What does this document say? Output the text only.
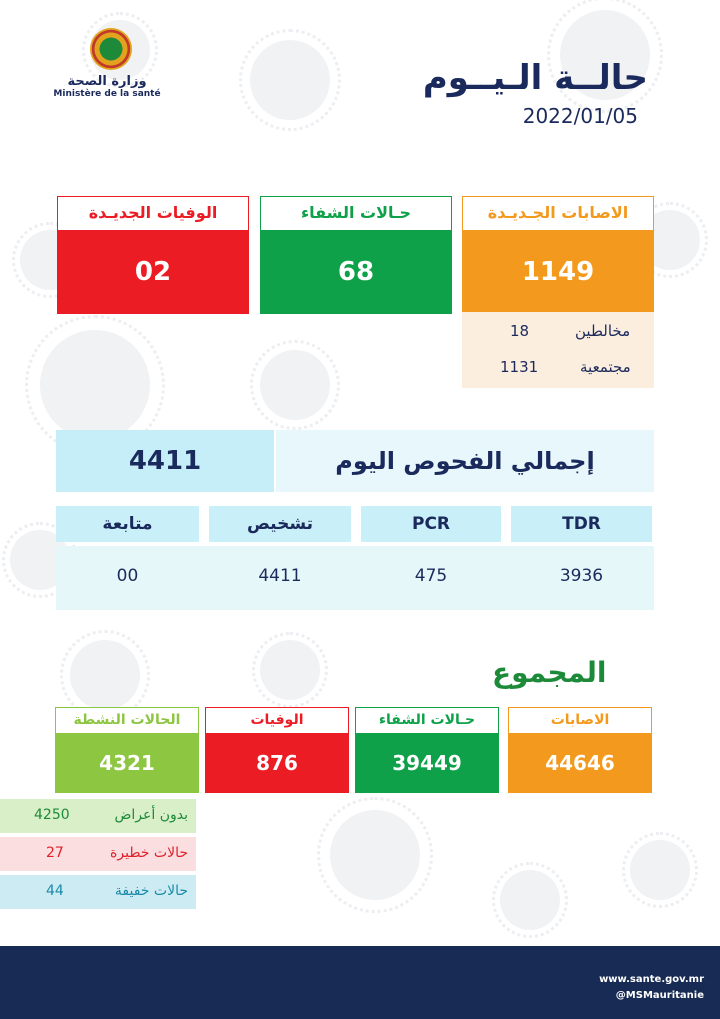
وزارة الصحة
Ministère de la santé	حالــة الـيــوم
2022/01/05
الوفيات الجديـدة
02
حـالات الشفاء
68
الاصابات الجـديـدة
1149
مخالطين
18
مجتمعية
1131
4411	إجمالي الفحوص اليوم
TDR
PCR
تشخيص
متابعة
3936
475
4411
00
المجموع
الاصابات
44646
حـالات الشفاء
39449
الوفيات
876
الحالات النشطة
4321
بدون أعراض
4250
حالات خطيرة
27
حالات خفيفة
44
www.sante.gov.mr
@MSMauritanie
